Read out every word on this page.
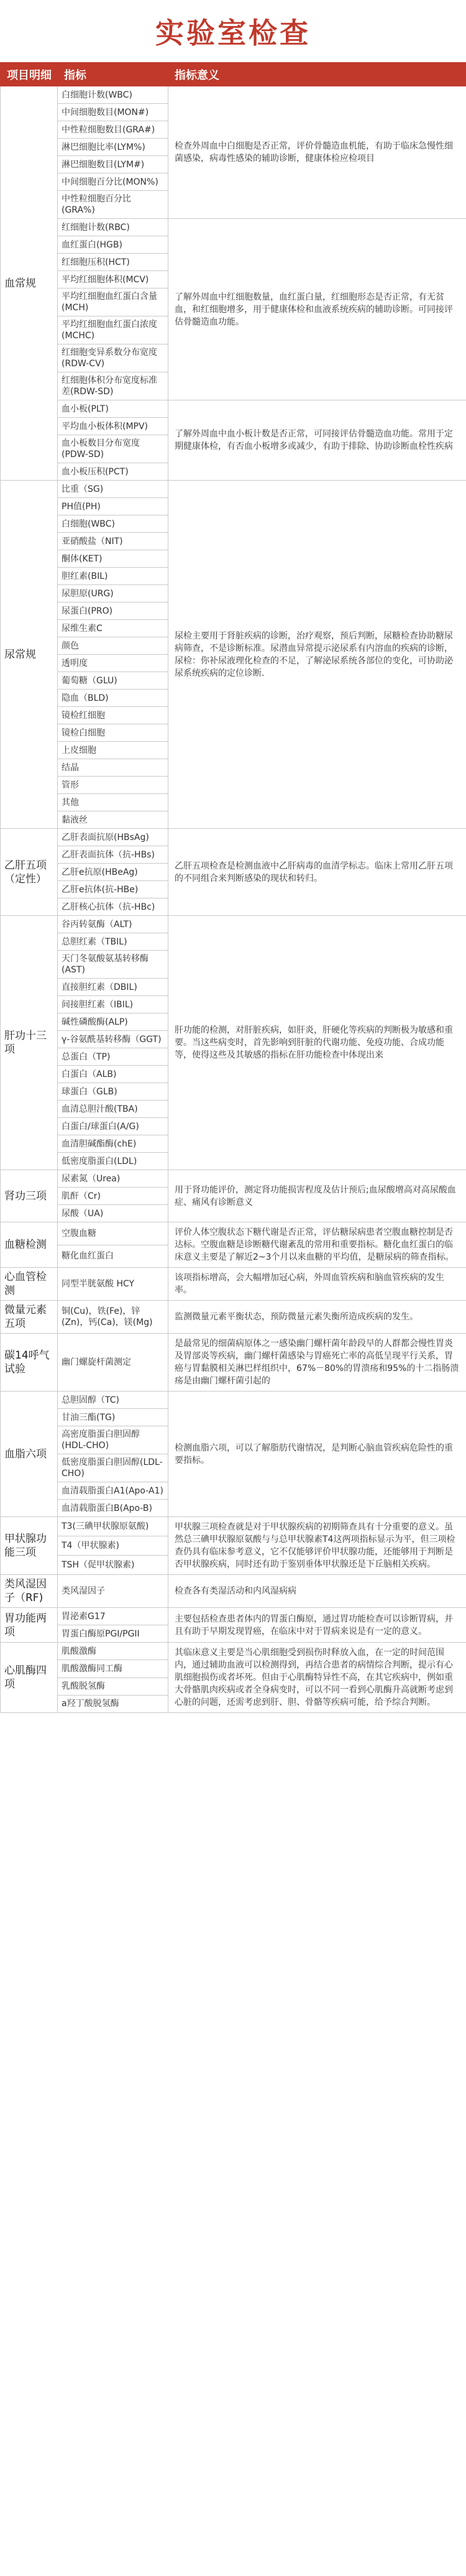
实验室检查
项目明细	指标	指标意义
血常规	白细胞计数(WBC)	检查外周血中白细胞是否正常，评价骨髓造血机能，有助于临床急慢性细菌感染，病毒性感染的辅助诊断，健康体检应检项目
	中间细胞数目(MON#)	
	中性粒细胞数目(GRA#)	
	淋巴细胞比率(LYM%)	
	淋巴细胞数目(LYM#)	
	中间细胞百分比(MON%)	
	中性粒细胞百分比(GRA%)	
	红细胞计数(RBC)	了解外周血中红细胞数量，血红蛋白量，红细胞形态是否正常，有无贫血，和红细胞增多，用于健康体检和血液系统疾病的辅助诊断。可同接评估骨髓造血功能。
	血红蛋白(HGB)	
	红细胞压积(HCT)	
	平均红细胞体积(MCV)	
	平均红细胞血红蛋白含量(MCH)	
	平均红细胞血红蛋白浓度(MCHC)	
	红细胞变异系数分布宽度(RDW-CV)	
	红细胞体积分布宽度标准差(RDW-SD)	
	血小板(PLT)	了解外周血中血小板计数是否正常，可同接评估骨髓造血功能。常用于定期健康体检，有否血小板增多或减少，有助于排除、协助诊断血栓性疾病
	平均血小板体积(MPV)	
	血小板数目分布宽度(PDW-SD)	
	血小板压积(PCT)	
尿常规	比重（SG)	尿检主要用于肾脏疾病的诊断，治疗观察，预后判断，尿糖检查协助糖尿病筛查，不是诊断标准。尿潜血异常提示泌尿系有内溶血的疾病的诊断，尿检：你补尿液理化检查的不足，了解泌尿系统各部位的变化，可协助泌尿系统疾病的定位诊断.
	PH值(PH)	
	白细胞(WBC)	
	亚硝酸盐（NIT)	
	酮体(KET)	
	胆红素(BIL)	
	尿胆原(URG)	
	尿蛋白(PRO)	
	尿维生素C	
	颜色	
	透明度	
	葡萄糖（GLU)	
	隐血（BLD)	
	镜检红细胞	
	镜检白细胞	
	上皮细胞	
	结晶	
	管形	
	其他	
	黏液丝	
乙肝五项（定性）	乙肝表面抗原(HBsAg)	乙肝五项检查是检测血液中乙肝病毒的血清学标志。临床上常用乙肝五项的不同组合来判断感染的现状和转归。
	乙肝表面抗体（抗-HBs)	
	乙肝e抗原(HBeAg)	
	乙肝e抗体(抗-HBe)	
	乙肝核心抗体（抗-HBc)	
肝功十三项	谷丙转氨酶（ALT)	肝功能的检测，对肝脏疾病，如肝炎，肝硬化等疾病的判断极为敏感和重要。当这些病变时，首先影响到肝脏的代谢功能、免疫功能、合成功能等，使得这些及其敏感的指标在肝功能检查中体现出来
	总胆红素（TBIL)	
	天门冬氨酸氨基转移酶(AST)	
	直接胆红素（DBIL)	
	间接胆红素（IBIL)	
	碱性磷酸酶(ALP)	
	γ-谷氨酰基转移酶（GGT)	
	总蛋白（TP)	
	白蛋白（ALB)	
	球蛋白（GLB)	
	血清总胆汁酸(TBA)	
	白蛋白/球蛋白(A/G)	
	血清胆碱酯酶(chE)	
	低密度脂蛋白(LDL)	
肾功三项	尿素氮（Urea)	用于肾功能评价，测定肾功能损害程度及估计预后;血尿酸增高对高尿酸血症、痛风有诊断意义
	肌酐（Cr)	
	尿酸（UA)	
血糖检测	空腹血糖	评价人体空腹状态下糖代谢是否正常，评估糖尿病患者空腹血糖控制是否达标。空腹血糖是诊断糖代谢紊乱的常用和重要指标。糖化血红蛋白的临床意义主要是了解近2~3个月以来血糖的平均值，是糖尿病的筛查指标。
	糖化血红蛋白	
心血管检测	同型半胱氨酸 HCY	该项指标增高，会大幅增加冠心病，外周血管疾病和脑血管疾病的发生率。
微量元素五项	铜(Cu)，铁(Fe)，锌(Zn)，钙(Ca)，镁(Mg)	监测微量元素平衡状态，预防微量元素失衡所造成疾病的发生。
碳14呼气试验	幽门螺旋杆菌测定	是最常见的细菌病原体之一感染幽门螺杆菌年龄段早的人群都会慢性胃炎及胃部炎等疾病，幽门螺杆菌感染与胃癌死亡率的高低呈现平行关系，胃癌与胃黏膜相关淋巴样组织中，67%－80%的胃溃疡和95%的十二指肠溃疡是由幽门螺杆菌引起的
血脂六项	总胆固醇（TC)	检测血脂六项，可以了解脂肪代谢情况，是判断心脑血管疾病危险性的重要指标。
	甘油三酯(TG)	
	高密度脂蛋白胆固醇(HDL-CHO)	
	低密度脂蛋白胆固醇(LDL-CHO)	
	血清载脂蛋白A1(Apo-A1)	
	血清载脂蛋白B(Apo-B)	
甲状腺功能三项	T3(三碘甲状腺原氨酸)	甲状腺三项检查就是对于甲状腺疾病的初期筛查具有十分重要的意义。虽然总三碘甲状腺原氨酸与与总甲状腺素T4这两项指标显示为平，但三项检查仍具有临床参考意义，它不仅能够评价甲状腺功能，还能够用于判断是否甲状腺疾病，同时还有助于鉴别垂体甲状腺还是下丘脑相关疾病。
	T4（甲状腺素)	
	TSH（促甲状腺素)	
类风湿因子（RF)	类风湿因子	检查各有类湿活动和内风湿病病
胃功能两项	胃泌素G17	主要包括检查患者体内的胃蛋白酶原，通过胃功能检查可以诊断胃病，并且有助于早期发现胃癌，在临床中对于胃病来说是有一定的意义。
	胃蛋白酶原PGI/PGII	
心肌酶四项	肌酸激酶	其临床意义主要是当心肌细胞受到损伤时释放入血，在一定的时间范围内，通过辅助血液可以检测得到，再结合患者的病情综合判断，提示有心肌细胞损伤或者坏死。但由于心肌酶特异性不高，在其它疾病中，例如重大骨骼肌肉疾病或者全身病变时，可以不同一看到心肌酶升高就断考虑到心脏的问题，还需考虑到肝、胆、骨骼等疾病可能，给予综合判断。
	肌酸激酶同工酶	
	乳酸脱氢酶	
	a羟丁酸脱氢酶	
